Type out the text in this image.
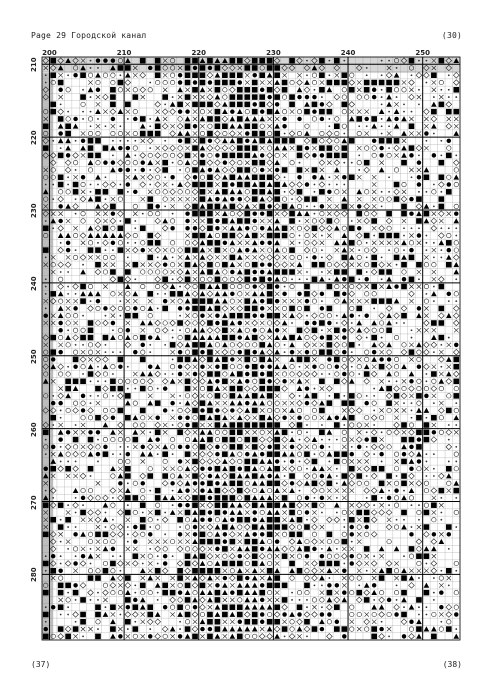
Page 29 Городской канал	(30)
200	210	220	230	240	250
210
220
230
240
250
260
270
280
(37)	(38)
